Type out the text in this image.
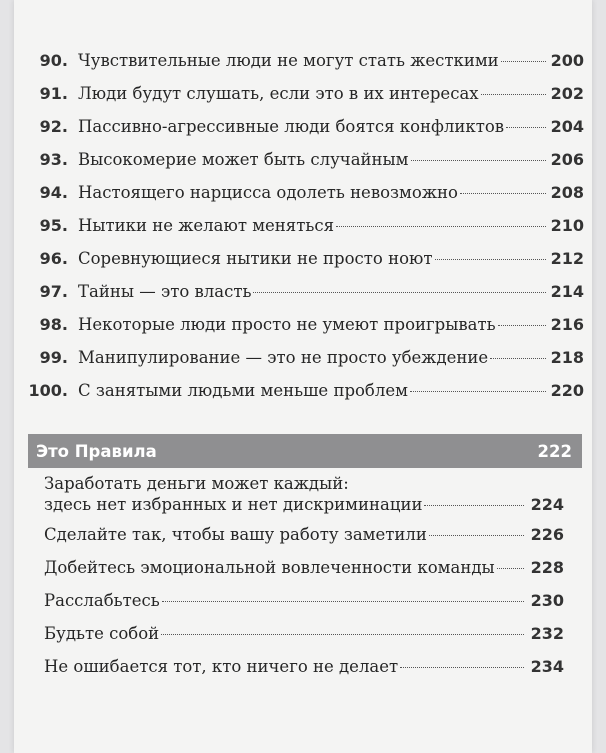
90. Чувствительные люди не могут стать жесткими	200
91. Люди будут слушать, если это в их интересах	202
92. Пассивно-агрессивные люди боятся конфликтов	204
93. Высокомерие может быть случайным	206
94. Настоящего нарцисса одолеть невозможно	208
95. Нытики не желают меняться	210
96. Соревнующиеся нытики не просто ноют	212
97. Тайны — это власть	214
98. Некоторые люди просто не умеют проигрывать	216
99. Манипулирование — это не просто убеждение	218
100. С занятыми людьми меньше проблем	220
Это Правила	222
Заработать деньги может каждый:
здесь нет избранных и нет дискриминации	224
Сделайте так, чтобы вашу работу заметили	226
Добейтесь эмоциональной вовлеченности команды 228
Расслабьтесь	230
Будьте собой	232
Не ошибается тот, кто ничего не делает	234
